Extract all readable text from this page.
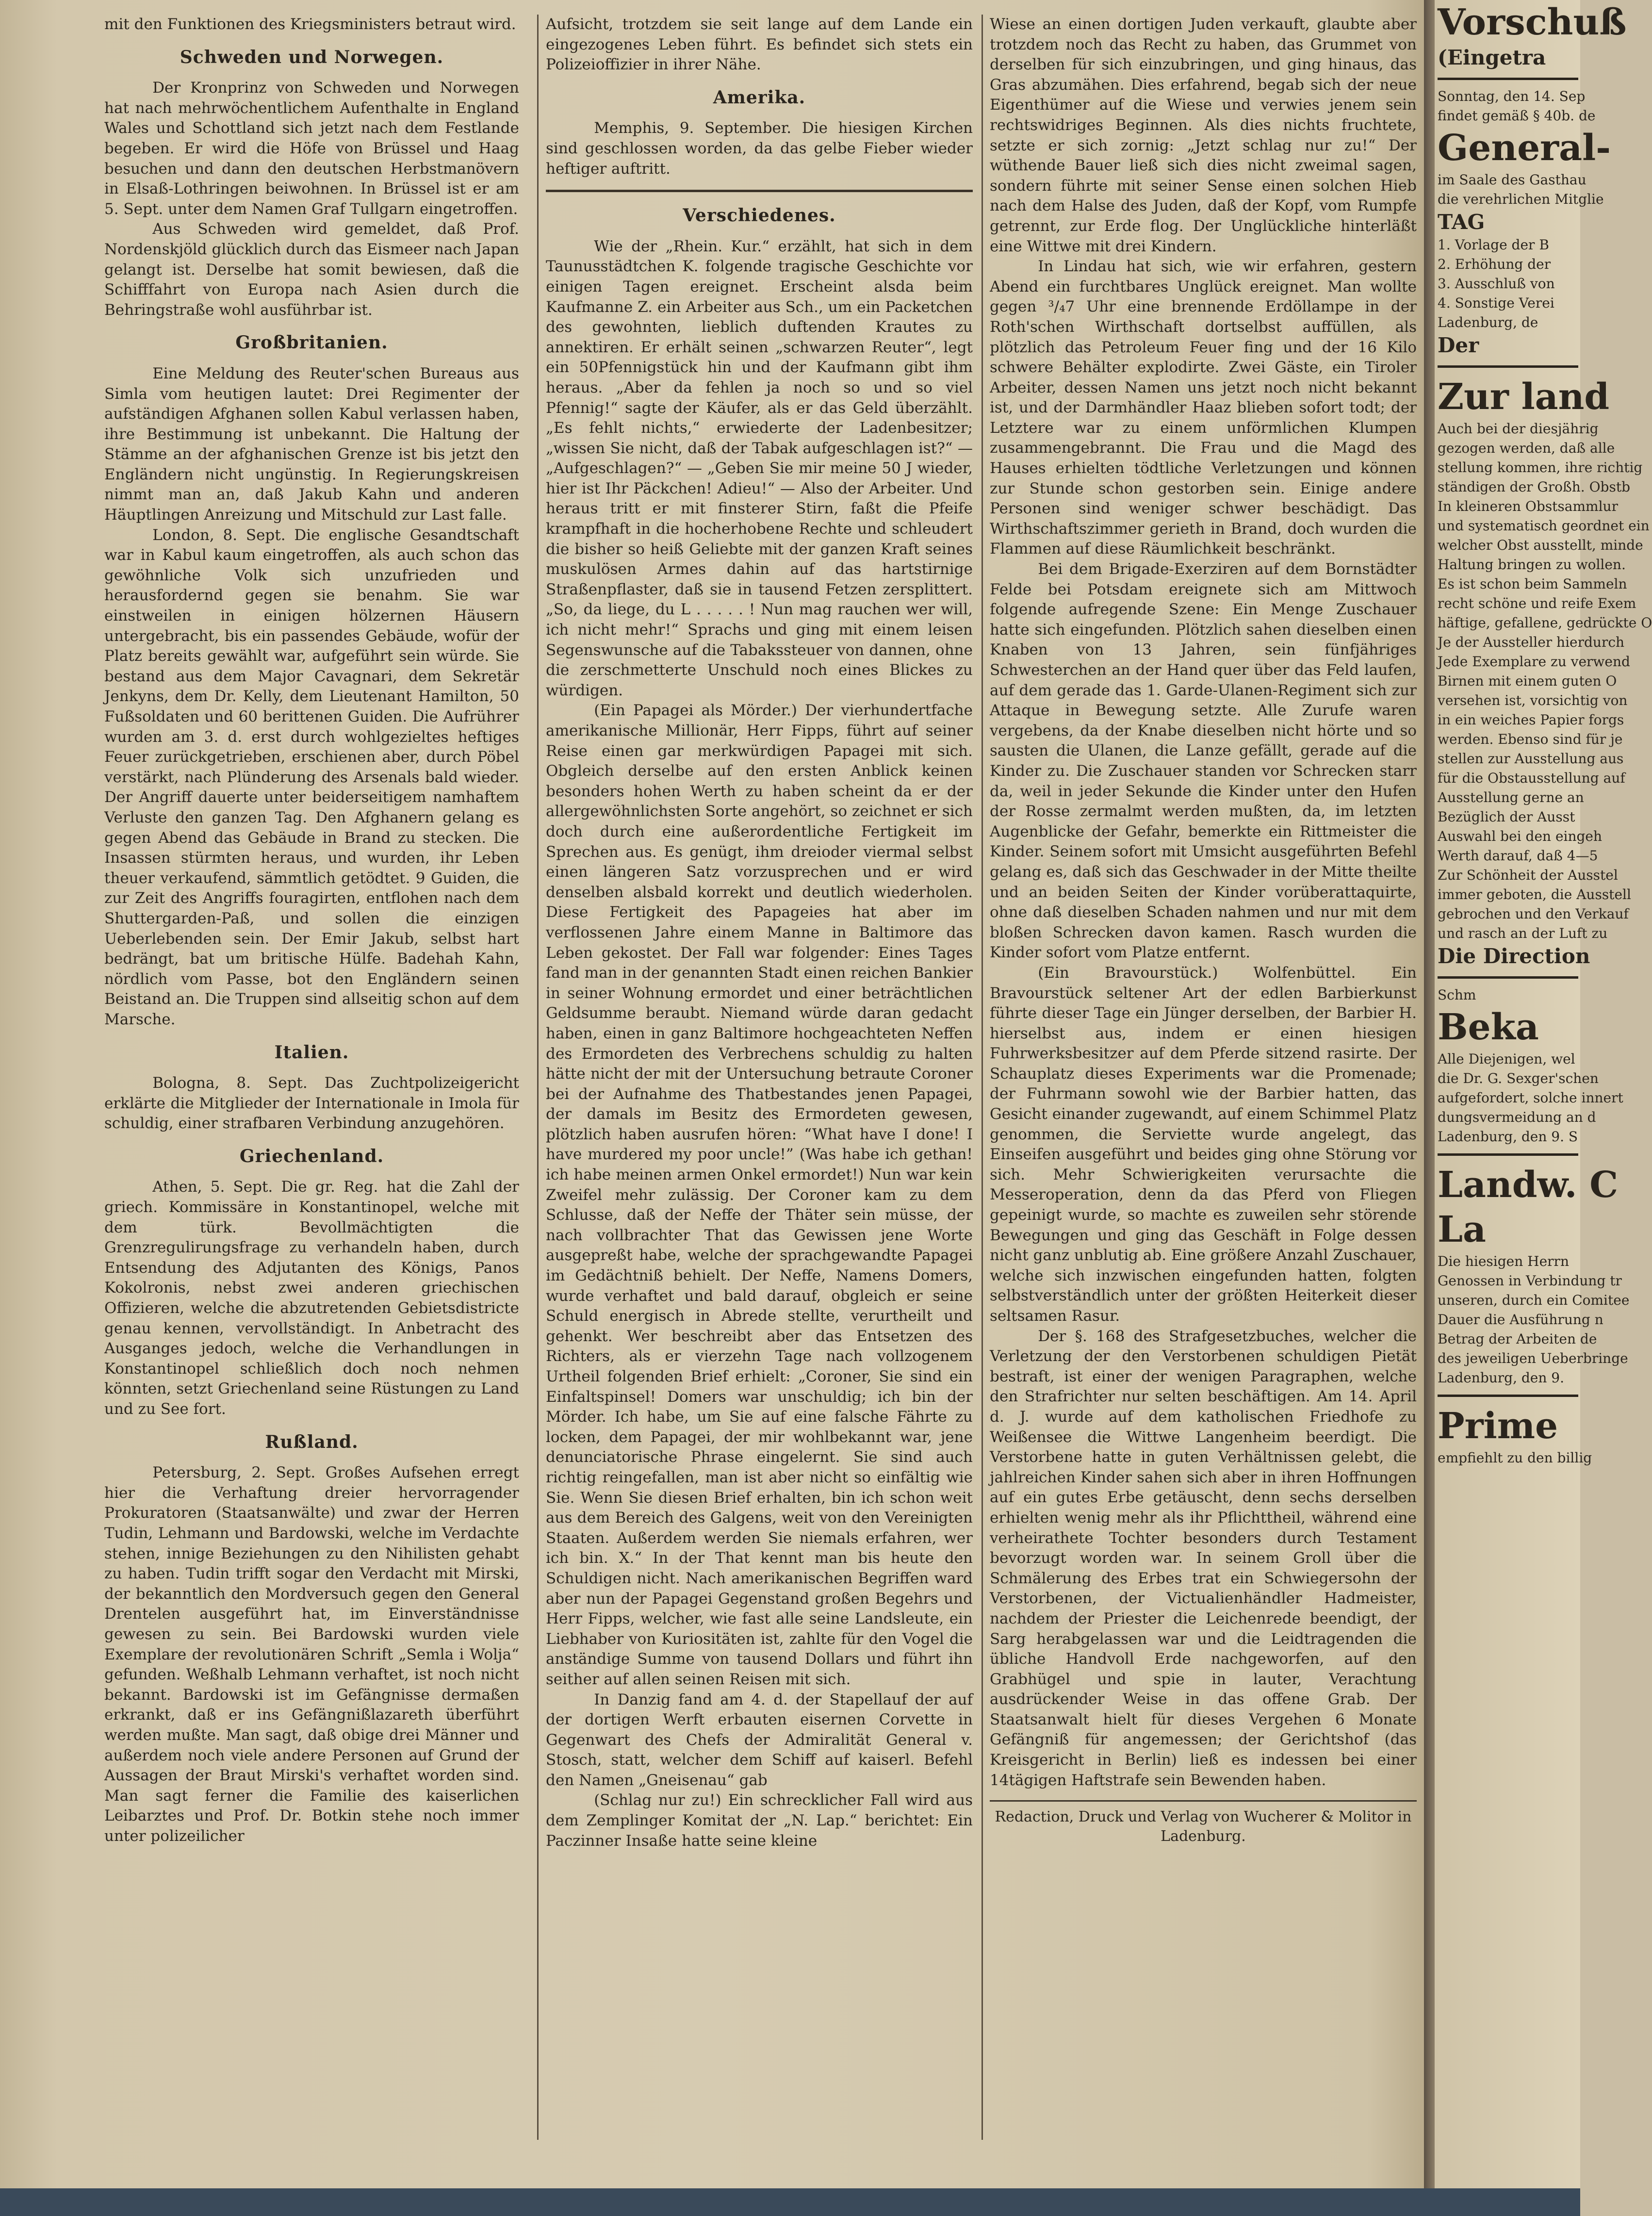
mit den Funktionen des Kriegsministers betraut wird.

Schweden und Norwegen.

Der Kronprinz von Schweden und Norwegen hat nach mehrwöchentlichem Aufenthalte in England Wales und Schottland sich jetzt nach dem Festlande begeben. Er wird die Höfe von Brüssel und Haag besuchen und dann den deutschen Herbstmanövern in Elsaß-Lothringen beiwohnen. In Brüssel ist er am 5. Sept. unter dem Namen Graf Tullgarn eingetroffen.

Aus Schweden wird gemeldet, daß Prof. Nordenskjöld glücklich durch das Eismeer nach Japan gelangt ist. Derselbe hat somit bewiesen, daß die Schifffahrt von Europa nach Asien durch die Behringstraße wohl ausführbar ist.

Großbritanien.

Eine Meldung des Reuter'schen Bureaus aus Simla vom heutigen lautet: Drei Regimenter der aufständigen Afghanen sollen Kabul verlassen haben, ihre Bestimmung ist unbekannt. Die Haltung der Stämme an der afghanischen Grenze ist bis jetzt den Engländern nicht ungünstig. In Regierungskreisen nimmt man an, daß Jakub Kahn und anderen Häuptlingen Anreizung und Mitschuld zur Last falle.

London, 8. Sept. Die englische Gesandtschaft war in Kabul kaum eingetroffen, als auch schon das gewöhnliche Volk sich unzufrieden und herausfordernd gegen sie benahm. Sie war einstweilen in einigen hölzernen Häusern untergebracht, bis ein passendes Gebäude, wofür der Platz bereits gewählt war, aufgeführt sein würde. Sie bestand aus dem Major Cavagnari, dem Sekretär Jenkyns, dem Dr. Kelly, dem Lieutenant Hamilton, 50 Fußsoldaten und 60 berittenen Guiden. Die Aufrührer wurden am 3. d. erst durch wohlgezieltes heftiges Feuer zurückgetrieben, erschienen aber, durch Pöbel verstärkt, nach Plünderung des Arsenals bald wieder. Der Angriff dauerte unter beiderseitigem namhaftem Verluste den ganzen Tag. Den Afghanern gelang es gegen Abend das Gebäude in Brand zu stecken. Die Insassen stürmten heraus, und wurden, ihr Leben theuer verkaufend, sämmtlich getödtet. 9 Guiden, die zur Zeit des Angriffs fouragirten, entflohen nach dem Shuttergarden-Paß, und sollen die einzigen Ueberlebenden sein. Der Emir Jakub, selbst hart bedrängt, bat um britische Hülfe. Badehah Kahn, nördlich vom Passe, bot den Engländern seinen Beistand an. Die Truppen sind allseitig schon auf dem Marsche.

Italien.

Bologna, 8. Sept. Das Zuchtpolizeigericht erklärte die Mitglieder der Internationale in Imola für schuldig, einer strafbaren Verbindung anzugehören.

Griechenland.

Athen, 5. Sept. Die gr. Reg. hat die Zahl der griech. Kommissäre in Konstantinopel, welche mit dem türk. Bevollmächtigten die Grenzregulirungsfrage zu verhandeln haben, durch Entsendung des Adjutanten des Königs, Panos Kokolronis, nebst zwei anderen griechischen Offizieren, welche die abzutretenden Gebietsdistricte genau kennen, vervollständigt. In Anbetracht des Ausganges jedoch, welche die Verhandlungen in Konstantinopel schließlich doch noch nehmen könnten, setzt Griechenland seine Rüstungen zu Land und zu See fort.

Rußland.

Petersburg, 2. Sept. Großes Aufsehen erregt hier die Verhaftung dreier hervorragender Prokuratoren (Staatsanwälte) und zwar der Herren Tudin, Lehmann und Bardowski, welche im Verdachte stehen, innige Beziehungen zu den Nihilisten gehabt zu haben. Tudin trifft sogar den Verdacht mit Mirski, der bekanntlich den Mordversuch gegen den General Drentelen ausgeführt hat, im Einverständnisse gewesen zu sein. Bei Bardowski wurden viele Exemplare der revolutionären Schrift „Semla i Wolja“ gefunden. Weßhalb Lehmann verhaftet, ist noch nicht bekannt. Bardowski ist im Gefängnisse dermaßen erkrankt, daß er ins Gefängnißlazareth überführt werden mußte. Man sagt, daß obige drei Männer und außerdem noch viele andere Personen auf Grund der Aussagen der Braut Mirski's verhaftet worden sind. Man sagt ferner die Familie des kaiserlichen Leibarztes und Prof. Dr. Botkin stehe noch immer unter polizeilicher

Aufsicht, trotzdem sie seit lange auf dem Lande ein eingezogenes Leben führt. Es befindet sich stets ein Polizeioffizier in ihrer Nähe.

Amerika.

Memphis, 9. September. Die hiesigen Kirchen sind geschlossen worden, da das gelbe Fieber wieder heftiger auftritt.

Verschiedenes.

Wie der „Rhein. Kur.“ erzählt, hat sich in dem Taunusstädtchen K. folgende tragische Geschichte vor einigen Tagen ereignet. Erscheint alsda beim Kaufmanne Z. ein Arbeiter aus Sch., um ein Packetchen des gewohnten, lieblich duftenden Krautes zu annektiren. Er erhält seinen „schwarzen Reuter“, legt ein 50Pfennigstück hin und der Kaufmann gibt ihm heraus. „Aber da fehlen ja noch so und so viel Pfennig!“ sagte der Käufer, als er das Geld überzählt. „Es fehlt nichts,“ erwiederte der Ladenbesitzer; „wissen Sie nicht, daß der Tabak aufgeschlagen ist?“ — „Aufgeschlagen?“ — „Geben Sie mir meine 50 J wieder, hier ist Ihr Päckchen! Adieu!“ — Also der Arbeiter. Und heraus tritt er mit finsterer Stirn, faßt die Pfeife krampfhaft in die hocherhobene Rechte und schleudert die bisher so heiß Geliebte mit der ganzen Kraft seines muskulösen Armes dahin auf das hartstirnige Straßenpflaster, daß sie in tausend Fetzen zersplittert. „So, da liege, du L . . . . . ! Nun mag rauchen wer will, ich nicht mehr!“ Sprachs und ging mit einem leisen Segenswunsche auf die Tabakssteuer von dannen, ohne die zerschmetterte Unschuld noch eines Blickes zu würdigen.

(Ein Papagei als Mörder.) Der vierhundertfache amerikanische Millionär, Herr Fipps, führt auf seiner Reise einen gar merkwürdigen Papagei mit sich. Obgleich derselbe auf den ersten Anblick keinen besonders hohen Werth zu haben scheint da er der allergewöhnlichsten Sorte angehört, so zeichnet er sich doch durch eine außerordentliche Fertigkeit im Sprechen aus. Es genügt, ihm dreioder viermal selbst einen längeren Satz vorzusprechen und er wird denselben alsbald korrekt und deutlich wiederholen. Diese Fertigkeit des Papageies hat aber im verflossenen Jahre einem Manne in Baltimore das Leben gekostet. Der Fall war folgender: Eines Tages fand man in der genannten Stadt einen reichen Bankier in seiner Wohnung ermordet und einer beträchtlichen Geldsumme beraubt. Niemand würde daran gedacht haben, einen in ganz Baltimore hochgeachteten Neffen des Ermordeten des Verbrechens schuldig zu halten hätte nicht der mit der Untersuchung betraute Coroner bei der Aufnahme des Thatbestandes jenen Papagei, der damals im Besitz des Ermordeten gewesen, plötzlich haben ausrufen hören: “What have I done! I have murdered my poor uncle!” (Was habe ich gethan! ich habe meinen armen Onkel ermordet!) Nun war kein Zweifel mehr zulässig. Der Coroner kam zu dem Schlusse, daß der Neffe der Thäter sein müsse, der nach vollbrachter That das Gewissen jene Worte ausgepreßt habe, welche der sprachgewandte Papagei im Gedächtniß behielt. Der Neffe, Namens Domers, wurde verhaftet und bald darauf, obgleich er seine Schuld energisch in Abrede stellte, verurtheilt und gehenkt. Wer beschreibt aber das Entsetzen des Richters, als er vierzehn Tage nach vollzogenem Urtheil folgenden Brief erhielt: „Coroner, Sie sind ein Einfaltspinsel! Domers war unschuldig; ich bin der Mörder. Ich habe, um Sie auf eine falsche Fährte zu locken, dem Papagei, der mir wohlbekannt war, jene denunciatorische Phrase eingelernt. Sie sind auch richtig reingefallen, man ist aber nicht so einfältig wie Sie. Wenn Sie diesen Brief erhalten, bin ich schon weit aus dem Bereich des Galgens, weit von den Vereinigten Staaten. Außerdem werden Sie niemals erfahren, wer ich bin. X.“ In der That kennt man bis heute den Schuldigen nicht. Nach amerikanischen Begriffen ward aber nun der Papagei Gegenstand großen Begehrs und Herr Fipps, welcher, wie fast alle seine Landsleute, ein Liebhaber von Kuriositäten ist, zahlte für den Vogel die anständige Summe von tausend Dollars und führt ihn seither auf allen seinen Reisen mit sich.

In Danzig fand am 4. d. der Stapellauf der auf der dortigen Werft erbauten eisernen Corvette in Gegenwart des Chefs der Admiralität General v. Stosch, statt, welcher dem Schiff auf kaiserl. Befehl den Namen „Gneisenau“ gab

(Schlag nur zu!) Ein schrecklicher Fall wird aus dem Zemplinger Komitat der „N. Lap.“ berichtet: Ein Paczinner Insaße hatte seine kleine

Wiese an einen dortigen Juden verkauft, glaubte aber trotzdem noch das Recht zu haben, das Grummet von derselben für sich einzubringen, und ging hinaus, das Gras abzumähen. Dies erfahrend, begab sich der neue Eigenthümer auf die Wiese und verwies jenem sein rechtswidriges Beginnen. Als dies nichts fruchtete, setzte er sich zornig: „Jetzt schlag nur zu!“ Der wüthende Bauer ließ sich dies nicht zweimal sagen, sondern führte mit seiner Sense einen solchen Hieb nach dem Halse des Juden, daß der Kopf, vom Rumpfe getrennt, zur Erde flog. Der Unglückliche hinterläßt eine Wittwe mit drei Kindern.

In Lindau hat sich, wie wir erfahren, gestern Abend ein furchtbares Unglück ereignet. Man wollte gegen ³/₄7 Uhr eine brennende Erdöllampe in der Roth'schen Wirthschaft dortselbst auffüllen, als plötzlich das Petroleum Feuer fing und der 16 Kilo schwere Behälter explodirte. Zwei Gäste, ein Tiroler Arbeiter, dessen Namen uns jetzt noch nicht bekannt ist, und der Darmhändler Haaz blieben sofort todt; der Letztere war zu einem unförmlichen Klumpen zusammengebrannt. Die Frau und die Magd des Hauses erhielten tödtliche Verletzungen und können zur Stunde schon gestorben sein. Einige andere Personen sind weniger schwer beschädigt. Das Wirthschaftszimmer gerieth in Brand, doch wurden die Flammen auf diese Räumlichkeit beschränkt.

Bei dem Brigade-Exerziren auf dem Bornstädter Felde bei Potsdam ereignete sich am Mittwoch folgende aufregende Szene: Ein Menge Zuschauer hatte sich eingefunden. Plötzlich sahen dieselben einen Knaben von 13 Jahren, sein fünfjähriges Schwesterchen an der Hand quer über das Feld laufen, auf dem gerade das 1. Garde-Ulanen-Regiment sich zur Attaque in Bewegung setzte. Alle Zurufe waren vergebens, da der Knabe dieselben nicht hörte und so sausten die Ulanen, die Lanze gefällt, gerade auf die Kinder zu. Die Zuschauer standen vor Schrecken starr da, weil in jeder Sekunde die Kinder unter den Hufen der Rosse zermalmt werden mußten, da, im letzten Augenblicke der Gefahr, bemerkte ein Rittmeister die Kinder. Seinem sofort mit Umsicht ausgeführten Befehl gelang es, daß sich das Geschwader in der Mitte theilte und an beiden Seiten der Kinder vorüberattaquirte, ohne daß dieselben Schaden nahmen und nur mit dem bloßen Schrecken davon kamen. Rasch wurden die Kinder sofort vom Platze entfernt.

(Ein Bravourstück.) Wolfenbüttel. Ein Bravourstück seltener Art der edlen Barbierkunst führte dieser Tage ein Jünger derselben, der Barbier H. hierselbst aus, indem er einen hiesigen Fuhrwerksbesitzer auf dem Pferde sitzend rasirte. Der Schauplatz dieses Experiments war die Promenade; der Fuhrmann sowohl wie der Barbier hatten, das Gesicht einander zugewandt, auf einem Schimmel Platz genommen, die Serviette wurde angelegt, das Einseifen ausgeführt und beides ging ohne Störung vor sich. Mehr Schwierigkeiten verursachte die Messeroperation, denn da das Pferd von Fliegen gepeinigt wurde, so machte es zuweilen sehr störende Bewegungen und ging das Geschäft in Folge dessen nicht ganz unblutig ab. Eine größere Anzahl Zuschauer, welche sich inzwischen eingefunden hatten, folgten selbstverständlich unter der größten Heiterkeit dieser seltsamen Rasur.

Der §. 168 des Strafgesetzbuches, welcher die Verletzung der den Verstorbenen schuldigen Pietät bestraft, ist einer der wenigen Paragraphen, welche den Strafrichter nur selten beschäftigen. Am 14. April d. J. wurde auf dem katholischen Friedhofe zu Weißensee die Wittwe Langenheim beerdigt. Die Verstorbene hatte in guten Verhältnissen gelebt, die jahlreichen Kinder sahen sich aber in ihren Hoffnungen auf ein gutes Erbe getäuscht, denn sechs derselben erhielten wenig mehr als ihr Pflichttheil, während eine verheirathete Tochter besonders durch Testament bevorzugt worden war. In seinem Groll über die Schmälerung des Erbes trat ein Schwiegersohn der Verstorbenen, der Victualienhändler Hadmeister, nachdem der Priester die Leichenrede beendigt, der Sarg herabgelassen war und die Leidtragenden die übliche Handvoll Erde nachgeworfen, auf den Grabhügel und spie in lauter, Verachtung ausdrückender Weise in das offene Grab. Der Staatsanwalt hielt für dieses Vergehen 6 Monate Gefängniß für angemessen; der Gerichtshof (das Kreisgericht in Berlin) ließ es indessen bei einer 14tägigen Haftstrafe sein Bewenden haben.

Redaction, Druck und Verlag von Wucherer & Molitor in Ladenburg.
Vorschuß
(Eingetra
Sonntag, den 14. Sep
findet gemäß § 40b. de
General-
im Saale des Gasthau
die verehrlichen Mitglie
TAG
1. Vorlage der B
2. Erhöhung der
3. Ausschluß von
4. Sonstige Verei
Ladenburg, de
Der
Zur land
Auch bei der diesjährig
gezogen werden, daß alle
stellung kommen, ihre richtig
ständigen der Großh. Obstb
In kleineren Obstsammlur
und systematisch geordnet ein
welcher Obst ausstellt, minde
Haltung bringen zu wollen.
Es ist schon beim Sammeln
recht schöne und reife Exem
häftige, gefallene, gedrückte O
Je der Aussteller hierdurch
Jede Exemplare zu verwend
Birnen mit einem guten O
versehen ist, vorsichtig von
in ein weiches Papier forgs
werden. Ebenso sind für je
stellen zur Ausstellung aus
für die Obstausstellung auf
Ausstellung gerne an
Bezüglich der Ausst
Auswahl bei den eingeh
Werth darauf, daß 4—5
Zur Schönheit der Ausstel
immer geboten, die Ausstell
gebrochen und den Verkauf
und rasch an der Luft zu
Die Direction
Schm
Beka
Alle Diejenigen, wel
die Dr. G. Sexger'schen
aufgefordert, solche innert
dungsvermeidung an d
Ladenburg, den 9. S
Landw. C
La
Die hiesigen Herrn
Genossen in Verbindung tr
unseren, durch ein Comitee
Dauer die Ausführung n
Betrag der Arbeiten de
des jeweiligen Ueberbringe
Ladenburg, den 9.
Prime
empfiehlt zu den billig
